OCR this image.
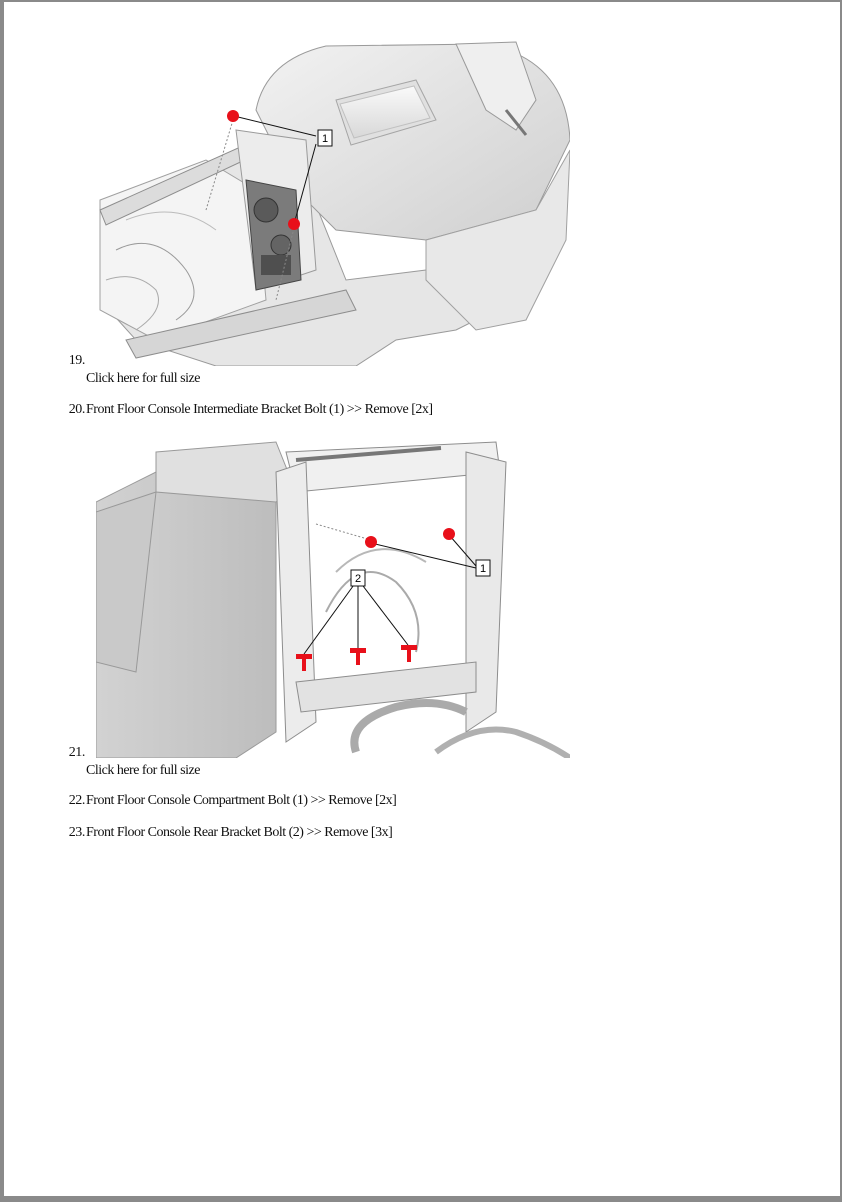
1
19.
Click here for full size
20. Front Floor Console Intermediate Bracket Bolt (1) >> Remove [2x]
1
2
21.
Click here for full size
22. Front Floor Console Compartment Bolt (1) >> Remove [2x]
23. Front Floor Console Rear Bracket Bolt (2) >> Remove [3x]
